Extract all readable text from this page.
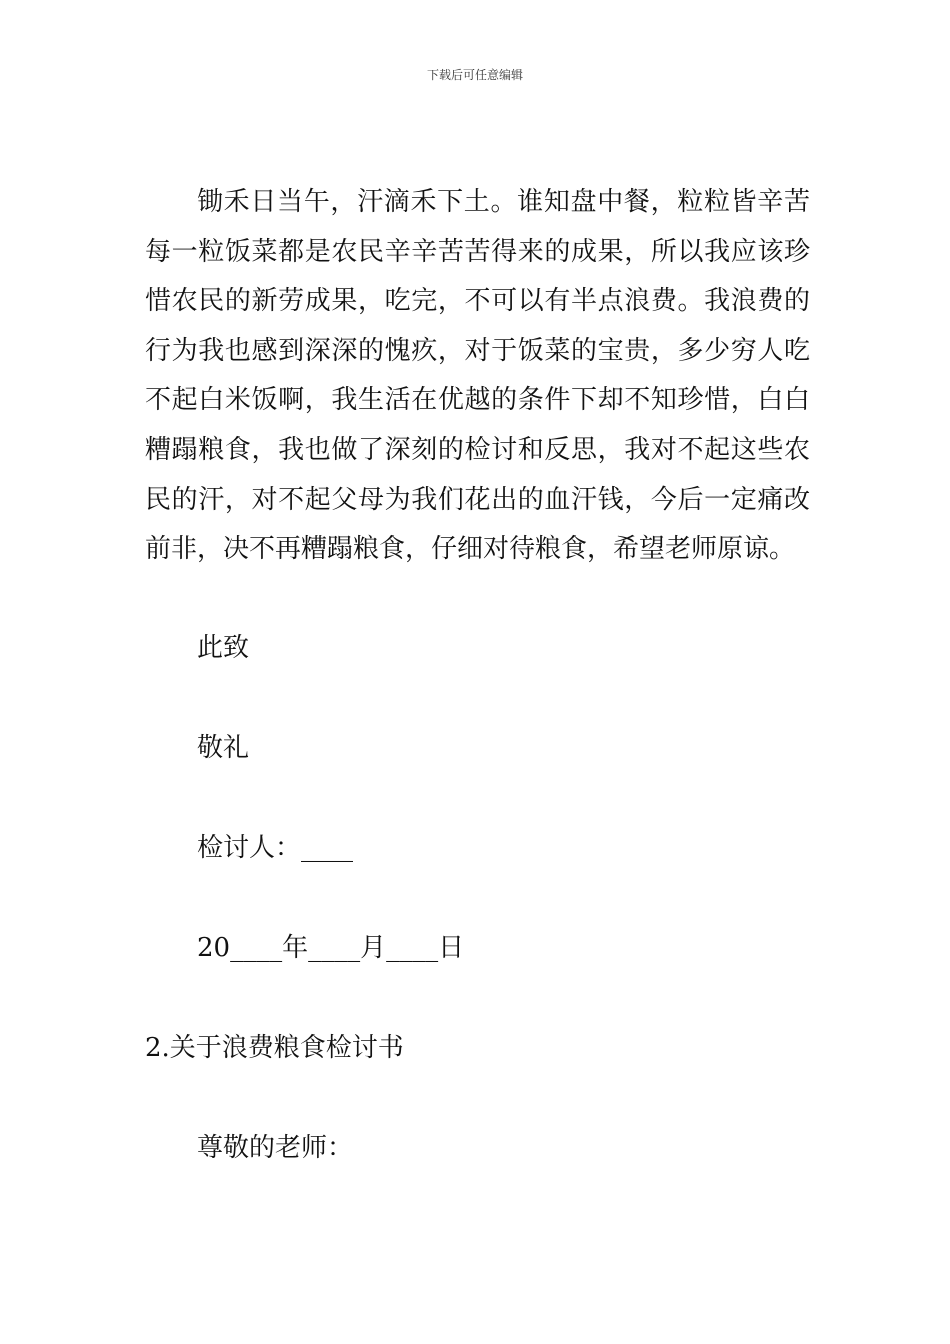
下载后可任意编辑

锄禾日当午，汗滴禾下土。谁知盘中餐，粒粒皆辛苦每一粒饭菜都是农民辛辛苦苦得来的成果，所以我应该珍惜农民的新劳成果，吃完，不可以有半点浪费。我浪费的行为我也感到深深的愧疚，对于饭菜的宝贵，多少穷人吃不起白米饭啊，我生活在优越的条件下却不知珍惜，白白糟蹋粮食，我也做了深刻的检讨和反思，我对不起这些农民的汗，对不起父母为我们花出的血汗钱，今后一定痛改前非，决不再糟蹋粮食，仔细对待粮食，希望老师原谅。

此致
敬礼
检讨人：____
20____年____月____日
2.关于浪费粮食检讨书
尊敬的老师：
